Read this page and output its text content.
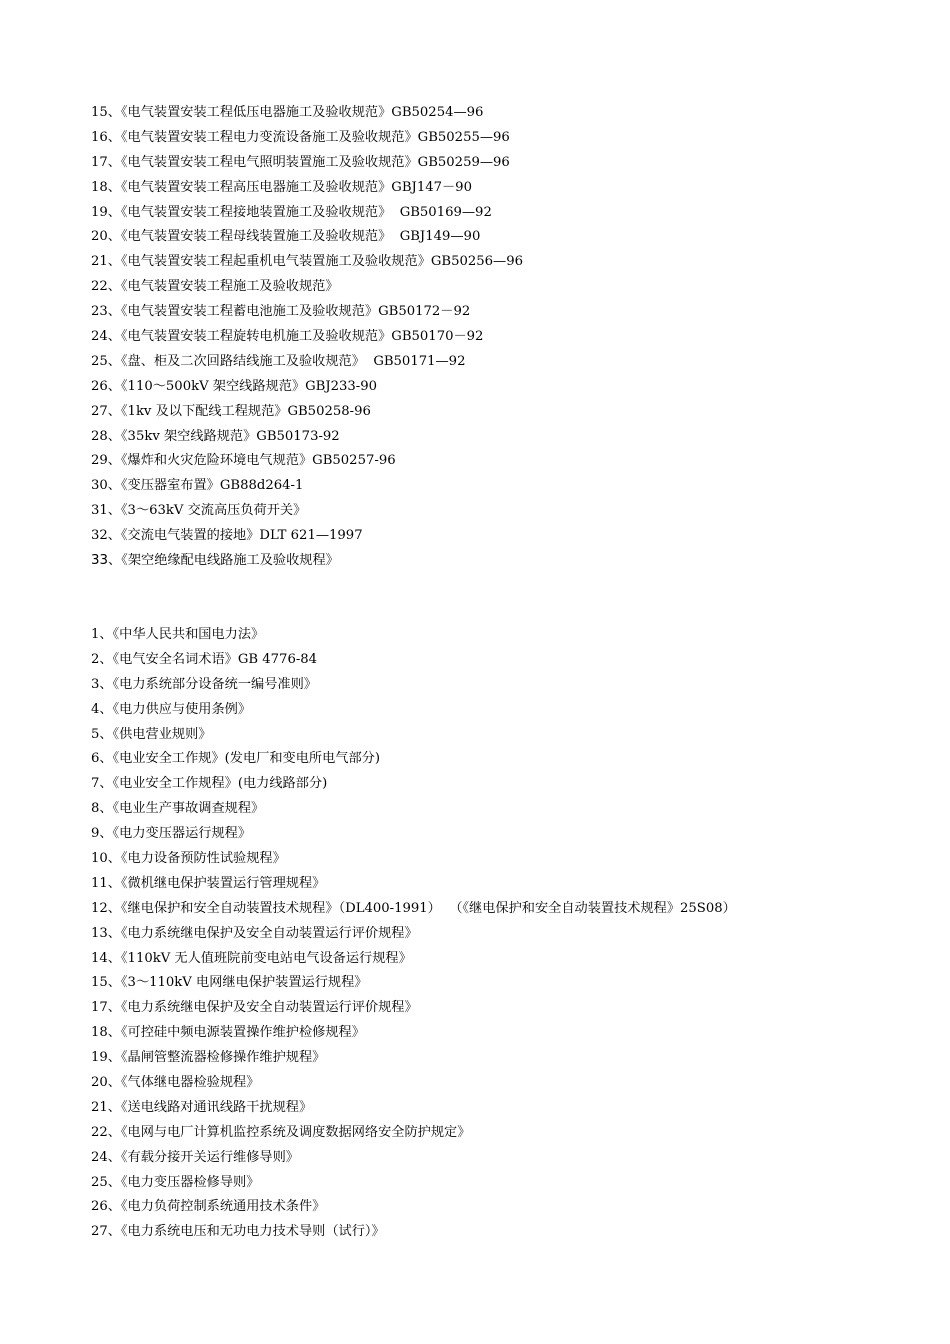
15、《电气装置安装工程低压电器施工及验收规范》GB50254—96
16、《电气装置安装工程电力变流设备施工及验收规范》GB50255—96
17、《电气装置安装工程电气照明装置施工及验收规范》GB50259—96
18、《电气装置安装工程高压电器施工及验收规范》GBJ147－90
19、《电气装置安装工程接地装置施工及验收规范》  GB50169—92
20、《电气装置安装工程母线装置施工及验收规范》  GBJ149—90
21、《电气装置安装工程起重机电气装置施工及验收规范》GB50256—96
22、《电气装置安装工程施工及验收规范》
23、《电气装置安装工程蓄电池施工及验收规范》GB50172－92
24、《电气装置安装工程旋转电机施工及验收规范》GB50170－92
25、《盘、柜及二次回路结线施工及验收规范》  GB50171—92
26、《110～500kV 架空线路规范》GBJ233-90
27、《1kv 及以下配线工程规范》GB50258-96
28、《35kv 架空线路规范》GB50173-92
29、《爆炸和火灾危险环境电气规范》GB50257-96
30、《变压器室布置》GB88d264-1
31、《3～63kV 交流高压负荷开关》
32、《交流电气装置的接地》DLT 621—1997
33、《架空绝缘配电线路施工及验收规程》
1、《中华人民共和国电力法》
2、《电气安全名词术语》GB 4776-84
3、《电力系统部分设备统一编号准则》
4、《电力供应与使用条例》
5、《供电营业规则》
6、《电业安全工作规》(发电厂和变电所电气部分)
7、《电业安全工作规程》(电力线路部分)
8、《电业生产事故调查规程》
9、《电力变压器运行规程》
10、《电力设备预防性试验规程》
11、《微机继电保护装置运行管理规程》
12、《继电保护和安全自动装置技术规程》（DL400-1991）  （《继电保护和安全自动装置技术规程》25S08）
13、《电力系统继电保护及安全自动装置运行评价规程》
14、《110kV 无人值班院前变电站电气设备运行规程》
15、《3～110kV 电网继电保护装置运行规程》
17、《电力系统继电保护及安全自动装置运行评价规程》
18、《可控硅中频电源装置操作维护检修规程》
19、《晶闸管整流器检修操作维护规程》
20、《气体继电器检验规程》
21、《送电线路对通讯线路干扰规程》
22、《电网与电厂计算机监控系统及调度数据网络安全防护规定》
24、《有载分接开关运行维修导则》
25、《电力变压器检修导则》
26、《电力负荷控制系统通用技术条件》
27、《电力系统电压和无功电力技术导则（试行）》
